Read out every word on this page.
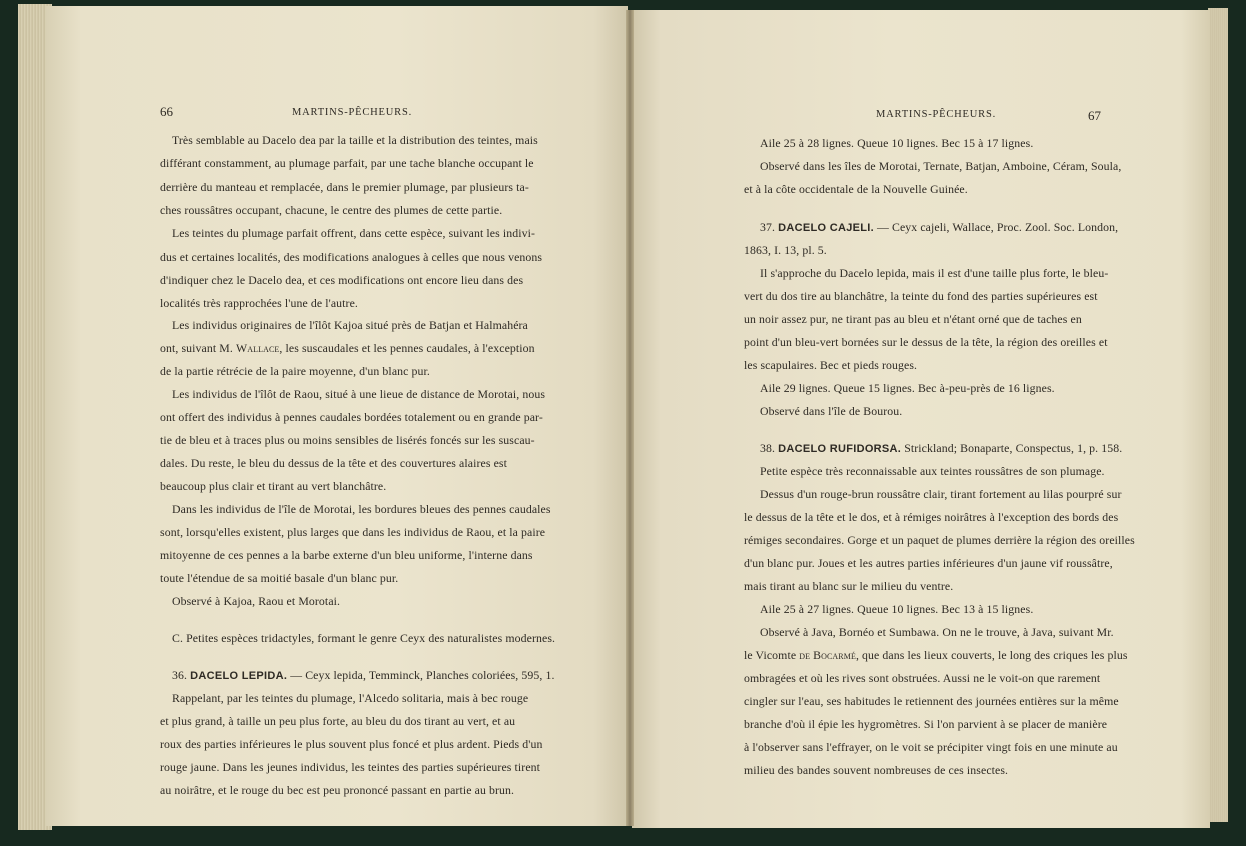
66	MARTINS-PÊCHEURS.
Très semblable au Dacelo dea par la taille et la distribution des teintes, mais
différant constamment, au plumage parfait, par une tache blanche occupant le
derrière du manteau et remplacée, dans le premier plumage, par plusieurs ta-
ches roussâtres occupant, chacune, le centre des plumes de cette partie.
Les teintes du plumage parfait offrent, dans cette espèce, suivant les indivi-
dus et certaines localités, des modifications analogues à celles que nous venons
d'indiquer chez le Dacelo dea, et ces modifications ont encore lieu dans des
localités très rapprochées l'une de l'autre.
Les individus originaires de l'îlôt Kajoa situé près de Batjan et Halmahéra
ont, suivant M. Wallace, les suscaudales et les pennes caudales, à l'exception
de la partie rétrécie de la paire moyenne, d'un blanc pur.
Les individus de l'îlôt de Raou, situé à une lieue de distance de Morotai, nous
ont offert des individus à pennes caudales bordées totalement ou en grande par-
tie de bleu et à traces plus ou moins sensibles de lisérés foncés sur les suscau-
dales. Du reste, le bleu du dessus de la tête et des couvertures alaires est
beaucoup plus clair et tirant au vert blanchâtre.
Dans les individus de l'île de Morotai, les bordures bleues des pennes caudales
sont, lorsqu'elles existent, plus larges que dans les individus de Raou, et la paire
mitoyenne de ces pennes a la barbe externe d'un bleu uniforme, l'interne dans
toute l'étendue de sa moitié basale d'un blanc pur.
Observé à Kajoa, Raou et Morotai.
C. Petites espèces tridactyles, formant le genre Ceyx des naturalistes modernes.
36. DACELO LEPIDA. — Ceyx lepida, Temminck, Planches coloriées, 595, 1.
Rappelant, par les teintes du plumage, l'Alcedo solitaria, mais à bec rouge
et plus grand, à taille un peu plus forte, au bleu du dos tirant au vert, et au
roux des parties inférieures le plus souvent plus foncé et plus ardent. Pieds d'un
rouge jaune. Dans les jeunes individus, les teintes des parties supérieures tirent
au noirâtre, et le rouge du bec est peu prononcé passant en partie au brun.
MARTINS-PÊCHEURS.	67
Aile 25 à 28 lignes. Queue 10 lignes. Bec 15 à 17 lignes.
Observé dans les îles de Morotai, Ternate, Batjan, Amboine, Céram, Soula,
et à la côte occidentale de la Nouvelle Guinée.
37. DACELO CAJELI. — Ceyx cajeli, Wallace, Proc. Zool. Soc. London,
1863, I. 13, pl. 5.
Il s'approche du Dacelo lepida, mais il est d'une taille plus forte, le bleu-
vert du dos tire au blanchâtre, la teinte du fond des parties supérieures est
un noir assez pur, ne tirant pas au bleu et n'étant orné que de taches en
point d'un bleu-vert bornées sur le dessus de la tête, la région des oreilles et
les scapulaires. Bec et pieds rouges.
Aile 29 lignes. Queue 15 lignes. Bec à-peu-près de 16 lignes.
Observé dans l'île de Bourou.
38. DACELO RUFIDORSA. Strickland; Bonaparte, Conspectus, 1, p. 158.
Petite espèce très reconnaissable aux teintes roussâtres de son plumage.
Dessus d'un rouge-brun roussâtre clair, tirant fortement au lilas pourpré sur
le dessus de la tête et le dos, et à rémiges noirâtres à l'exception des bords des
rémiges secondaires. Gorge et un paquet de plumes derrière la région des oreilles
d'un blanc pur. Joues et les autres parties inférieures d'un jaune vif roussâtre,
mais tirant au blanc sur le milieu du ventre.
Aile 25 à 27 lignes. Queue 10 lignes. Bec 13 à 15 lignes.
Observé à Java, Bornéo et Sumbawa. On ne le trouve, à Java, suivant Mr.
le Vicomte de Bocarmé, que dans les lieux couverts, le long des criques les plus
ombragées et où les rives sont obstruées. Aussi ne le voit-on que rarement
cingler sur l'eau, ses habitudes le retiennent des journées entières sur la même
branche d'où il épie les hygromètres. Si l'on parvient à se placer de manière
à l'observer sans l'effrayer, on le voit se précipiter vingt fois en une minute au
milieu des bandes souvent nombreuses de ces insectes.
